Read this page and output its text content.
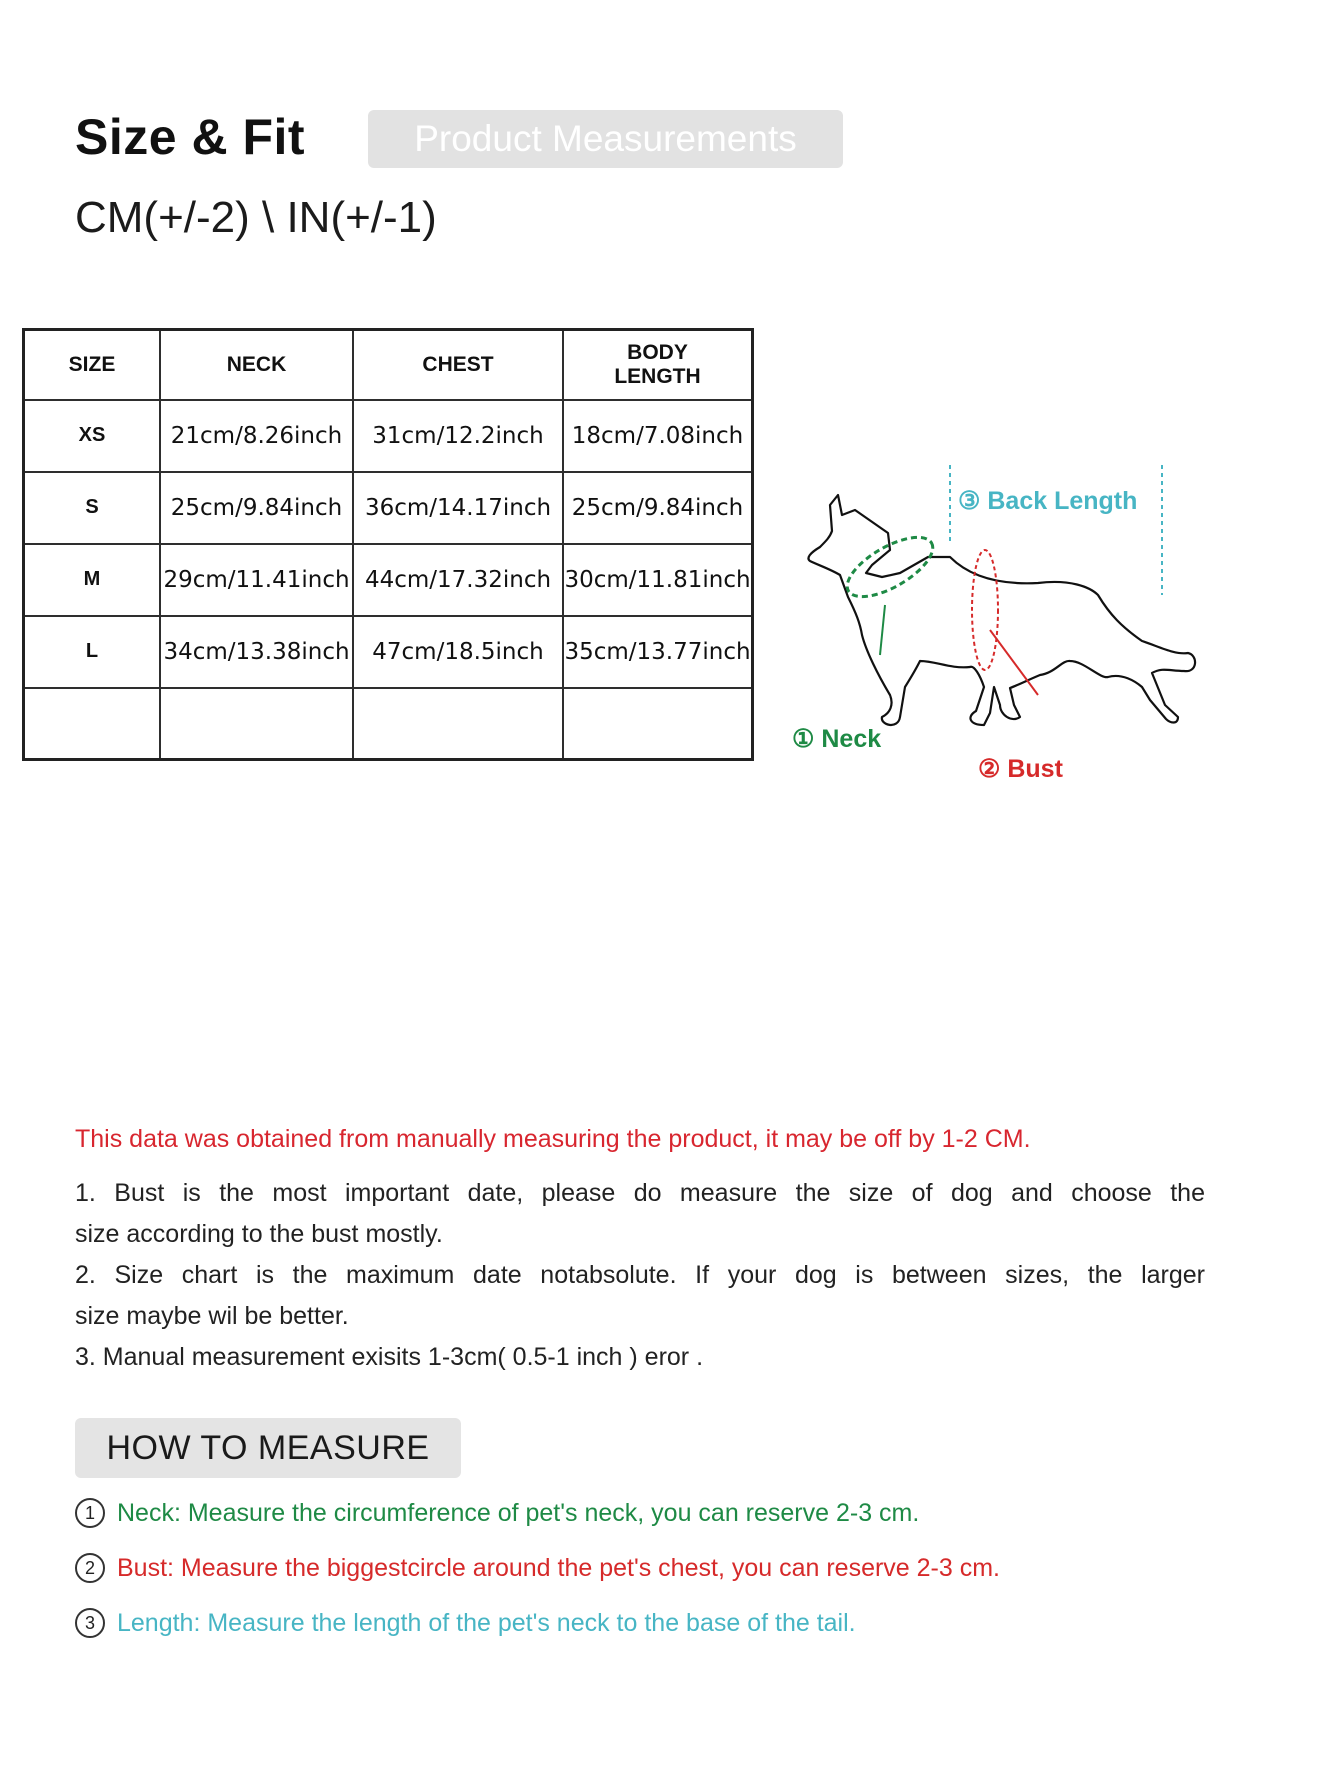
Size & Fit	Product Measurements
CM(+/-2) \ IN(+/-1)
SIZE	NECK	CHEST	BODY
LENGTH
XS	21cm/8.26inch	31cm/12.2inch	18cm/7.08inch
S	25cm/9.84inch	36cm/14.17inch	25cm/9.84inch
M	29cm/11.41inch	44cm/17.32inch	30cm/11.81inch
L	34cm/13.38inch	47cm/18.5inch	35cm/13.77inch

① Neck
② Bust
③ Back Length
This data was obtained from manually measuring the product, it may be off by 1-2 CM.

1. Bust is the most important date, please do measure the size of dog and choose the

size according to the bust mostly.

2. Size chart is the maximum date notabsolute. If your dog is between sizes, the larger

size maybe wil be better.

3. Manual measurement exisits 1-3cm( 0.5-1 inch ) eror .

HOW TO MEASURE
1 Neck: Measure the circumference of pet's neck, you can reserve 2-3 cm.
2 Bust: Measure the biggestcircle around the pet's chest, you can reserve 2-3 cm.
3 Length: Measure the length of the pet's neck to the base of the tail.
